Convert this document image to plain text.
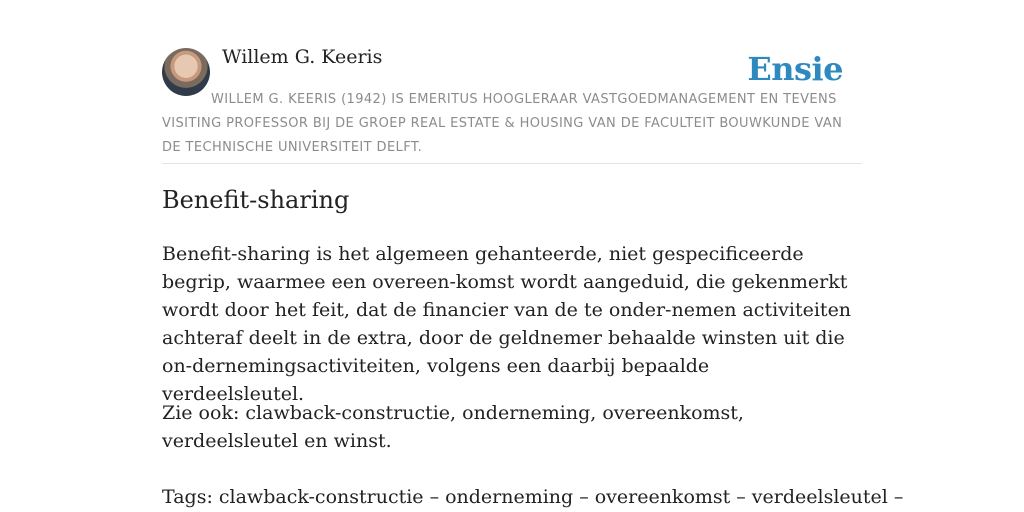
Willem G. Keeris	Ensie
WILLEM G. KEERIS (1942) IS EMERITUS HOOGLERAAR VASTGOEDMANAGEMENT EN TEVENS VISITING PROFESSOR BIJ DE GROEP REAL ESTATE & HOUSING VAN DE FACULTEIT BOUWKUNDE VAN DE TECHNISCHE UNIVERSITEIT DELFT.
Benefit-sharing

Benefit-sharing is het algemeen gehanteerde, niet gespecificeerde begrip, waarmee een overeen-komst wordt aangeduid, die gekenmerkt wordt door het feit, dat de financier van de te onder-nemen activiteiten achteraf deelt in de extra, door de geldnemer behaalde winsten uit die on-dernemingsactiviteiten, volgens een daarbij bepaalde verdeelsleutel.

Zie ook: clawback-constructie, onderneming, overeenkomst, verdeelsleutel en winst.

Tags: clawback-constructie – onderneming – overeenkomst – verdeelsleutel –
